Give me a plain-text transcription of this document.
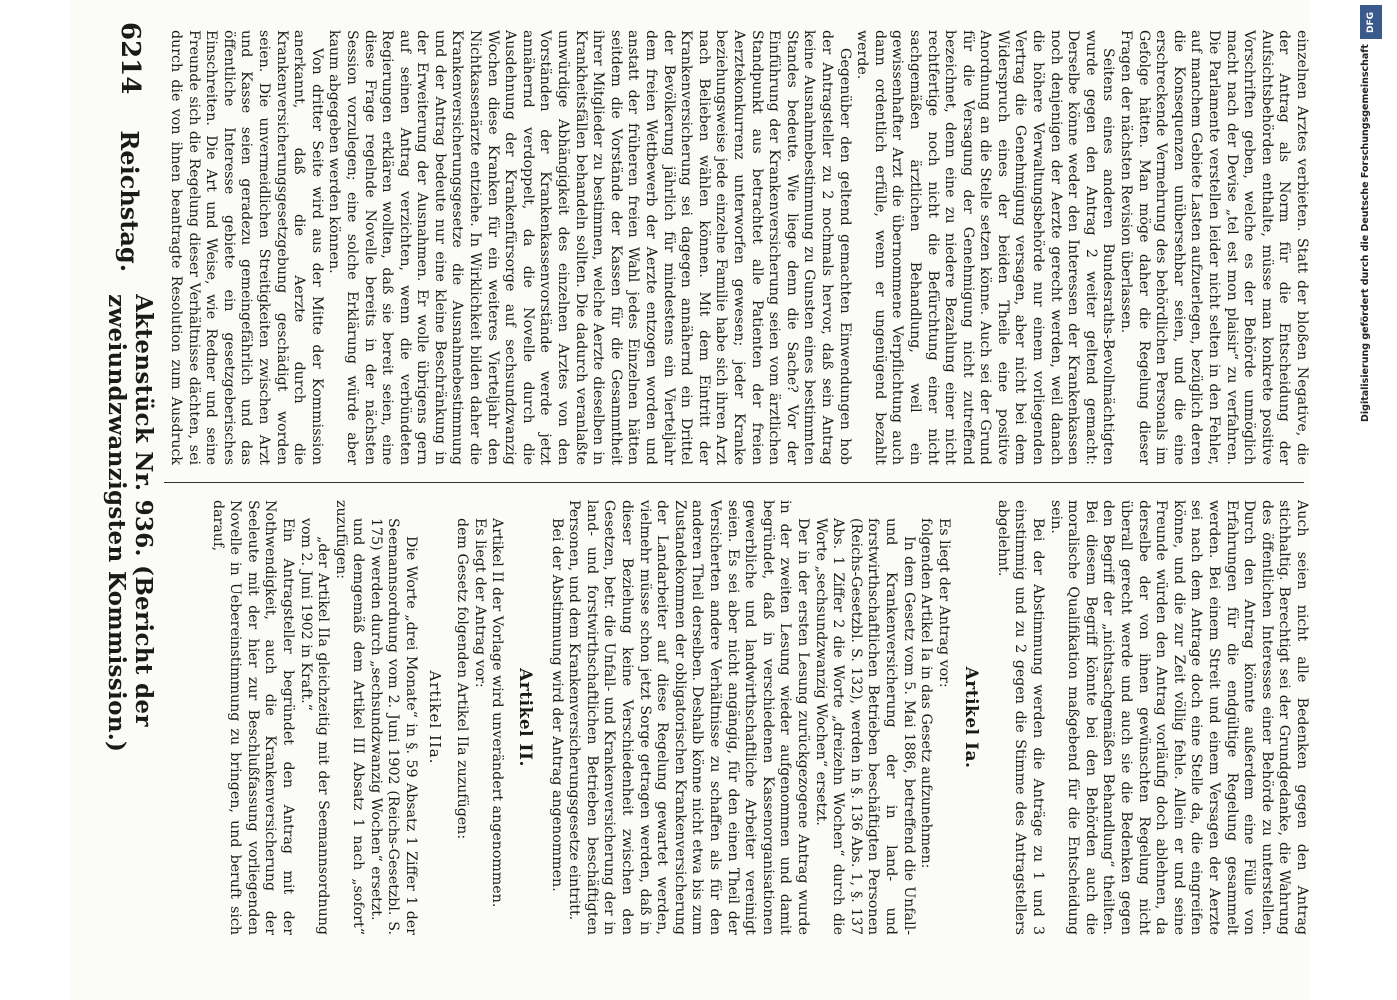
6214
Reichstag.
Aktenstück Nr. 936. (Bericht der zweiundzwanzigsten Kommission.)

einzelnen Arztes verbieten. Statt der bloßen Negative, die der Antrag als Norm für die Entscheidung der Aufsichtsbehörden enthalte, müsse man konkrete positive Vorschriften geben, welche es der Behörde unmöglich macht nach der Devise „tel est mon plaisir“ zu verfahren. Die Parlamente verstellen leider nicht selten in den Fehler, auf manchem Gebiete Lasten aufzuerlegen, bezüglich deren die Konsequenzen unübersehbar seien, und die eine erschreckende Vermehrung des behördlichen Personals im Gefolge hätten. Man möge daher die Regelung dieser Fragen der nächsten Revision überlassen.

Seitens eines anderen Bundesraths-Bevollmächtigten wurde gegen den Antrag 2 weiter geltend gemacht: Derselbe könne weder den Interessen der Krankenkassen noch denjenigen der Aerzte gerecht werden, weil danach die höhere Verwaltungsbehörde nur einem vorliegenden Vertrag die Genehmigung versagen, aber nicht bei dem Widerspruch eines der beiden Theile eine positive Anordnung an die Stelle setzen könne. Auch sei der Grund für die Versagung der Genehmigung nicht zutreffend bezeichnet, denn eine zu niedere Bezahlung einer nicht rechtfertige noch nicht die Befürchtung einer nicht sachgemäßen ärztlichen Behandlung, weil ein gewissenhafter Arzt die übernommene Verpflichtung auch dann ordentlich erfülle, wenn er ungenügend bezahlt werde.

Gegenüber den geltend gemachten Einwendungen hob der Antragsteller zu 2 nochmals hervor, daß sein Antrag keine Ausnahmebestimmung zu Gunsten eines bestimmten Standes bedeute. Wie liege denn die Sache? Vor der Einführung der Krankenversicherung seien vom ärztlichen Standpunkt aus betrachtet alle Patienten der freien Aerztekonkurrenz unterworfen gewesen; jeder Kranke beziehungsweise jede einzelne Familie habe sich ihren Arzt nach Belieben wählen können. Mit dem Eintritt der Krankenversicherung sei dagegen annähernd ein Drittel der Bevölkerung jährlich für mindestens ein Vierteljahr dem freien Wettbewerb der Aerzte entzogen worden und anstatt der früheren freien Wahl jedes Einzelnen hätten seitdem die Vorstände der Kassen für die Gesammtheit ihrer Mitglieder zu bestimmen, welche Aerzte dieselben in Krankheitsfällen behandeln sollten. Die dadurch veranlaßte unwürdige Abhängigkeit des einzelnen Arztes von den Vorständen der Krankenkassenvorstände werde jetzt annähernd verdoppelt, da die Novelle durch die Ausdehnung der Krankenfürsorge auf sechsundzwanzig Wochen diese Kranken für ein weiteres Vierteljahr den Nichtkassenärzte entziehe. In Wirklichkeit bilden daher die Krankenversicherungsgesetze die Ausnahmebestimmung und der Antrag bedeute nur eine kleine Beschränkung in der Erweiterung der Ausnahmen. Er wolle übrigens gern auf seinen Antrag verzichten, wenn die verbündeten Regierungen erklären wollten, daß sie bereit seien, eine diese Frage regelnde Novelle bereits in der nächsten Session vorzulegen; eine solche Erklärung würde aber kaum abgegeben werden können.

Von dritter Seite wird aus der Mitte der Kommission anerkannt, daß die Aerzte durch die Krankenversicherungsgesetzgebung geschädigt worden seien. Die unvermeidlichen Streitigkeiten zwischen Arzt und Kasse seien geradezu gemeingefährlich und das öffentliche Interesse gebiete ein gesetzgeberisches Einschreiten. Die Art und Weise, wie Redner und seine Freunde sich die Regelung dieser Verhältnisse dächten, sei durch die von ihnen beantragte Resolution zum Ausdruck

Auch seien nicht alle Bedenken gegen den Antrag stichhaltig. Berechtigt sei der Grundgedanke, die Wahrung des öffentlichen Interesses einer Behörde zu unterstellen. Durch den Antrag könnte außerdem eine Fülle von Erfahrungen für die endgültige Regelung gesammelt werden. Bei einem Streit und einem Versagen der Aerzte sei nach dem Antrage doch eine Stelle da, die eingreifen könne, und die zur Zeit völlig fehle. Allein er und seine Freunde würden den Antrag vorläufig doch ablehnen, da derselbe der von ihnen gewünschten Regelung nicht überall gerecht werde und auch sie die Bedenken gegen den Begriff der „nichtsachgemäßen Behandlung“ theilten. Bei diesem Begriff könnte bei den Behörden auch die moralische Qualifikation maßgebend für die Entscheidung sein.

Bei der Abstimmung werden die Anträge zu 1 und 3 einstimmig und zu 2 gegen die Stimme des Antragstellers abgelehnt.

Artikel Ia.

Es liegt der Antrag vor:

folgenden Artikel Ia in das Gesetz aufzunehmen:

In dem Gesetz vom 5. Mai 1886, betreffend die Unfall- und Krankenversicherung der in land- und forstwirthschaftlichen Betrieben beschäftigten Personen (Reichs-Gesetzbl. S. 132), werden in §. 136 Abs. 1, §. 137 Abs. 1 Ziffer 2 die Worte „dreizehn Wochen“ durch die Worte „sechsundzwanzig Wochen“ ersetzt.

Der in der ersten Lesung zurückgezogene Antrag wurde in der zweiten Lesung wieder aufgenommen und damit begründet, daß in verschiedenen Kassenorganisationen gewerbliche und landwirthschaftliche Arbeiter vereinigt seien. Es sei aber nicht angängig, für den einen Theil der Versicherten andere Verhältnisse zu schaffen als für den anderen Theil derselben. Deshalb könne nicht etwa bis zum Zustandekommen der obligatorischen Krankenversicherung der Landarbeiter auf diese Regelung gewartet werden, vielmehr müsse schon jetzt Sorge getragen werden, daß in dieser Beziehung keine Verschiedenheit zwischen den Gesetzen, betr. die Unfall- und Krankenversicherung der in land- und forstwirthschaftlichen Betrieben beschäftigten Personen, und dem Krankenversicherungsgesetze eintritt.

Bei der Abstimmung wird der Antrag angenommen.

Artikel II.

Artikel II der Vorlage wird unverändert angenommen.

Es liegt der Antrag vor:

dem Gesetz folgenden Artikel IIa zuzufügen:

Artikel IIa.

Die Worte „drei Monate“ in §. 59 Absatz 1 Ziffer 1 der Seemannsordnung vom 2. Juni 1902 (Reichs-Gesetzbl. S. 175) werden durch „sechsundzwanzig Wochen“ ersetzt.

und demgemäß dem Artikel III Absatz 1 nach „sofort“ zuzufügen:

„der Artikel IIa gleichzeitig mit der Seemannsordnung vom 2. Juni 1902 in Kraft.“

Ein Antragsteller begründet den Antrag mit der Nothwendigkeit, auch die Krankenversicherung der Seeleute mit der hier zur Beschlußfassung vorliegenden Novelle in Uebereinstimmung zu bringen, und beruft sich darauf,

DFG
Digitalisierung gefördert durch die Deutsche Forschungsgemeinschaft
